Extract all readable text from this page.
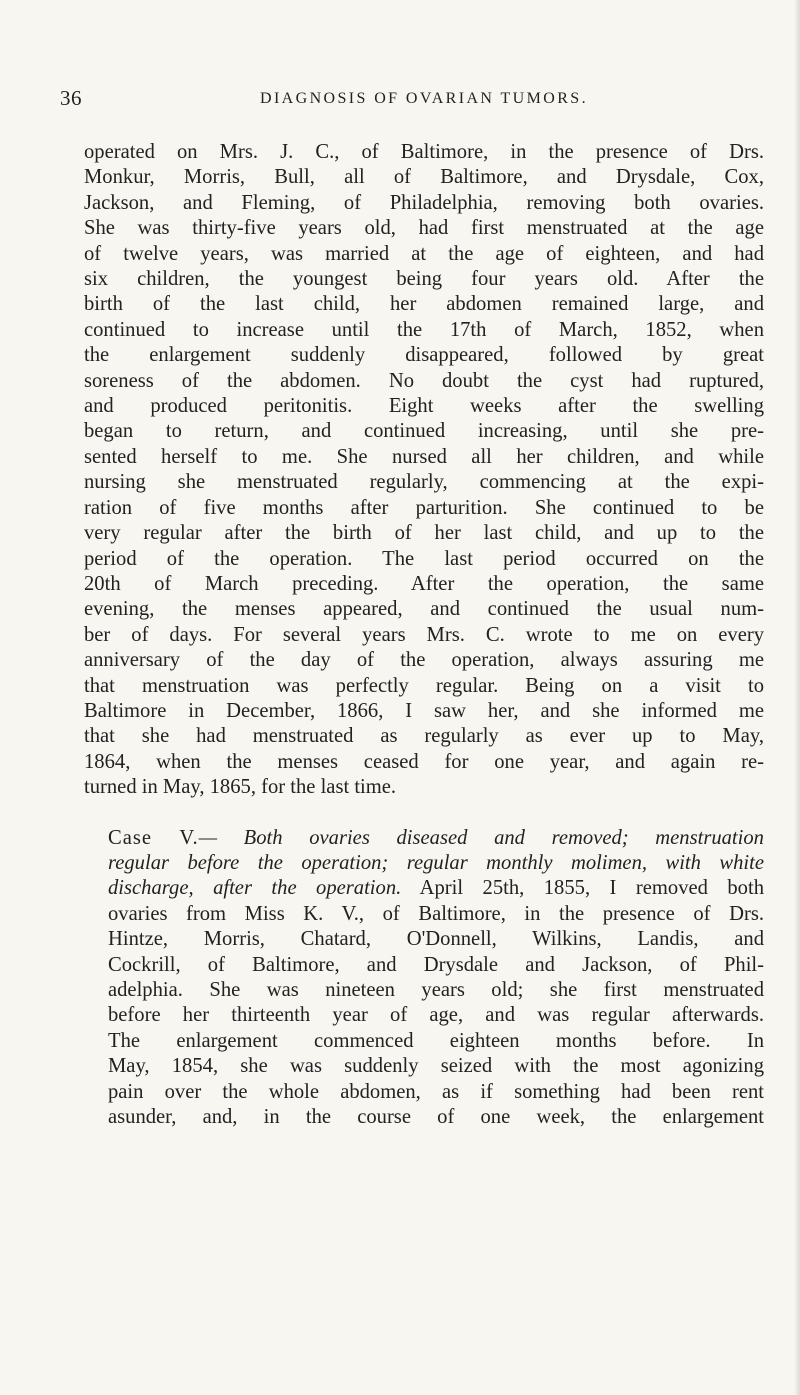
36	DIAGNOSIS OF OVARIAN TUMORS.

operated on Mrs. J. C., of Baltimore, in the presence of Drs.
Monkur, Morris, Bull, all of Baltimore, and Drysdale, Cox,
Jackson, and Fleming, of Philadelphia, removing both ovaries.
She was thirty-five years old, had first menstruated at the age
of twelve years, was married at the age of eighteen, and had
six children, the youngest being four years old. After the
birth of the last child, her abdomen remained large, and
continued to increase until the 17th of March, 1852, when
the enlargement suddenly disappeared, followed by great
soreness of the abdomen. No doubt the cyst had ruptured,
and produced peritonitis. Eight weeks after the swelling
began to return, and continued increasing, until she pre-
sented herself to me. She nursed all her children, and while
nursing she menstruated regularly, commencing at the expi-
ration of five months after parturition. She continued to be
very regular after the birth of her last child, and up to the
period of the operation. The last period occurred on the
20th of March preceding. After the operation, the same
evening, the menses appeared, and continued the usual num-
ber of days. For several years Mrs. C. wrote to me on every
anniversary of the day of the operation, always assuring me
that menstruation was perfectly regular. Being on a visit to
Baltimore in December, 1866, I saw her, and she informed me
that she had menstruated as regularly as ever up to May,
1864, when the menses ceased for one year, and again re-
turned in May, 1865, for the last time.

Case V.— Both ovaries diseased and removed; menstruation
regular before the operation; regular monthly molimen, with white
discharge, after the operation. April 25th, 1855, I removed both
ovaries from Miss K. V., of Baltimore, in the presence of Drs.
Hintze, Morris, Chatard, O'Donnell, Wilkins, Landis, and
Cockrill, of Baltimore, and Drysdale and Jackson, of Phil-
adelphia. She was nineteen years old; she first menstruated
before her thirteenth year of age, and was regular afterwards.
The enlargement commenced eighteen months before. In
May, 1854, she was suddenly seized with the most agonizing
pain over the whole abdomen, as if something had been rent
asunder, and, in the course of one week, the enlargement
